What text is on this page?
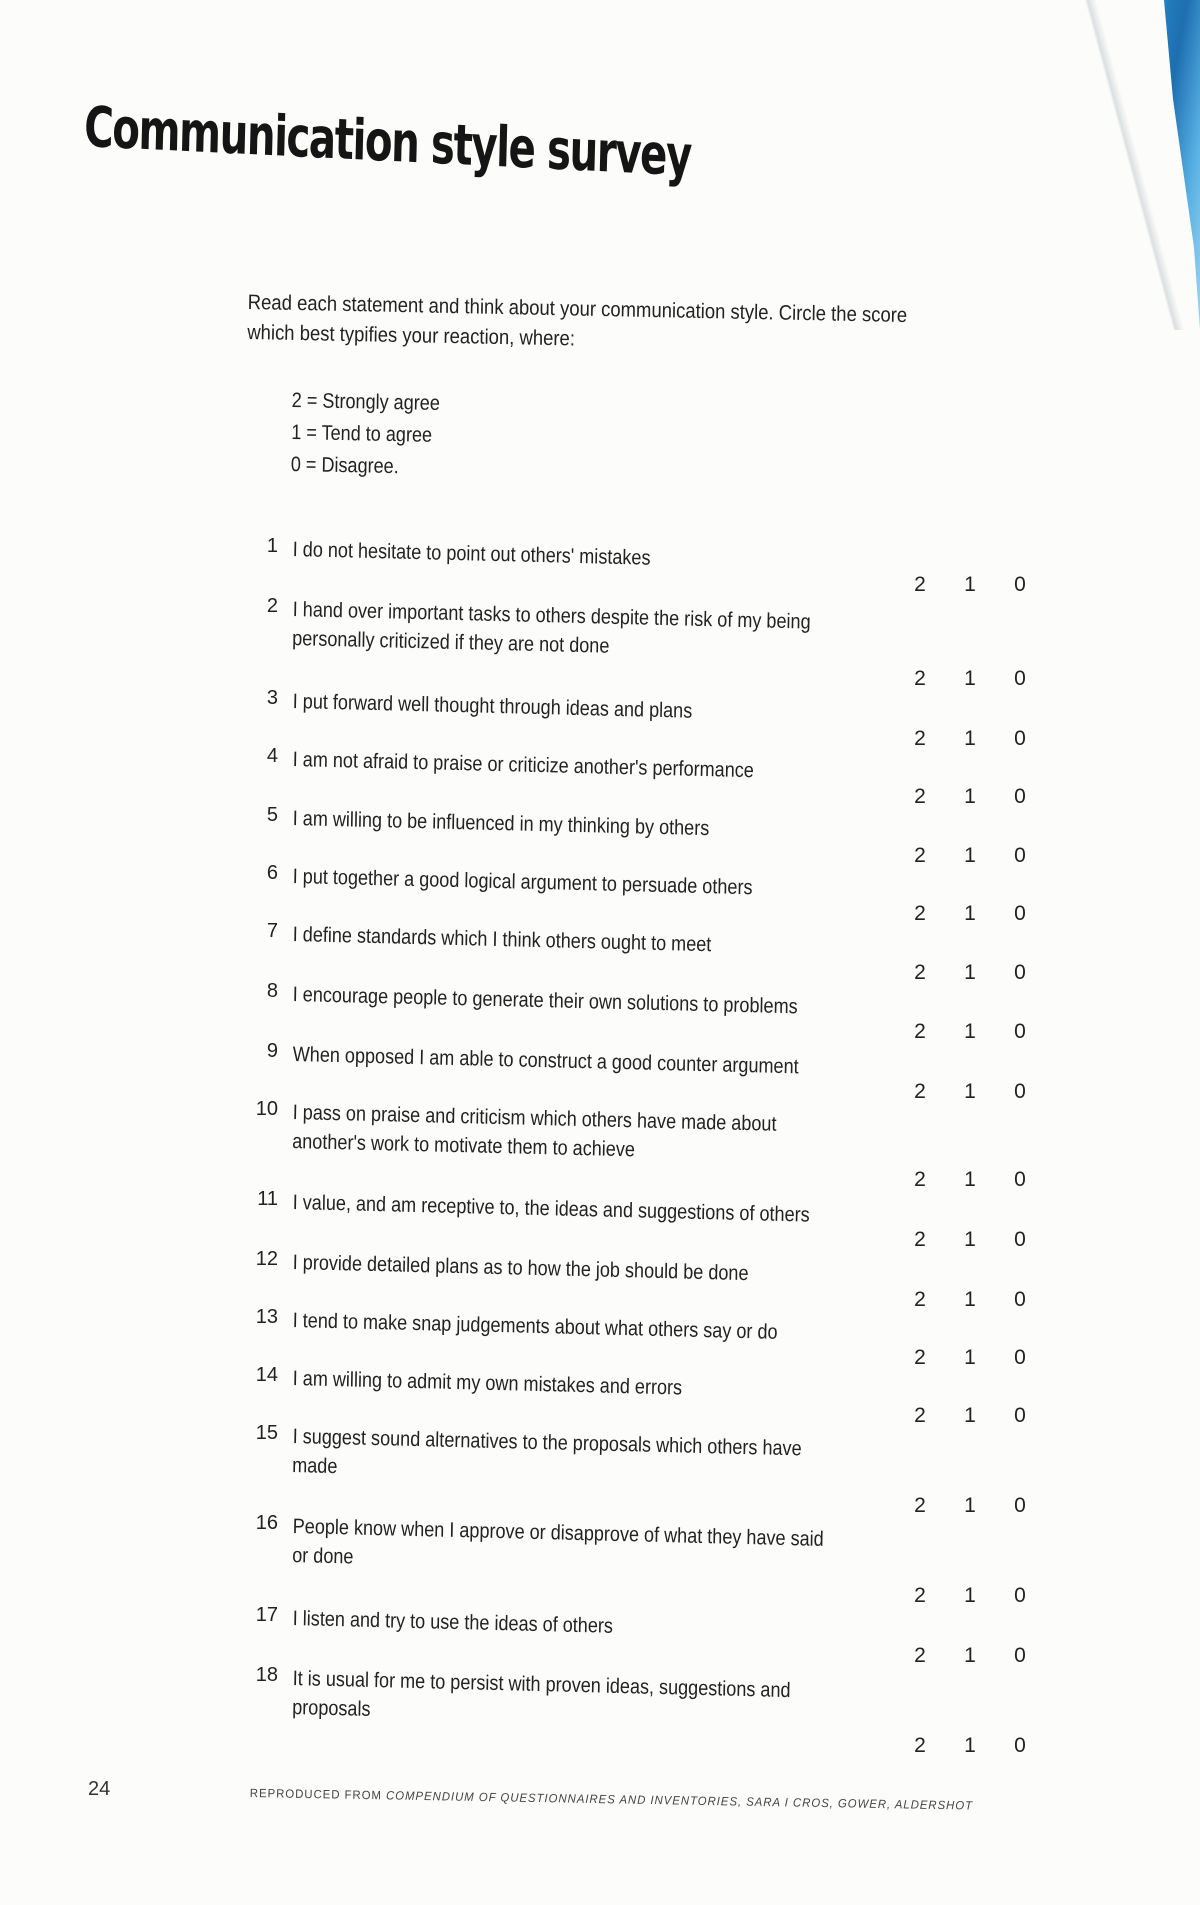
Communication style survey
Read each statement and think about your communication style. Circle the score which best typifies your reaction, where:
2 = Strongly agree
1 = Tend to agree
0 = Disagree.
1 I do not hesitate to point out others' mistakes
2 1 0
2 I hand over important tasks to others despite the risk of my being personally criticized if they are not done
2 1 0
3 I put forward well thought through ideas and plans
2 1 0
4 I am not afraid to praise or criticize another's performance
2 1 0
5 I am willing to be influenced in my thinking by others
2 1 0
6 I put together a good logical argument to persuade others
2 1 0
7 I define standards which I think others ought to meet
2 1 0
8 I encourage people to generate their own solutions to problems
2 1 0
9 When opposed I am able to construct a good counter argument
2 1 0
10 I pass on praise and criticism which others have made about another's work to motivate them to achieve
2 1 0
11 I value, and am receptive to, the ideas and suggestions of others
2 1 0
12 I provide detailed plans as to how the job should be done
2 1 0
13 I tend to make snap judgements about what others say or do
2 1 0
14 I am willing to admit my own mistakes and errors
2 1 0
15 I suggest sound alternatives to the proposals which others have made
2 1 0
16 People know when I approve or disapprove of what they have said or done
2 1 0
17 I listen and try to use the ideas of others
2 1 0
18 It is usual for me to persist with proven ideas, suggestions and proposals
2 1 0
24	REPRODUCED FROM COMPENDIUM OF QUESTIONNAIRES AND INVENTORIES, SARA I CROS, GOWER, ALDERSHOT
